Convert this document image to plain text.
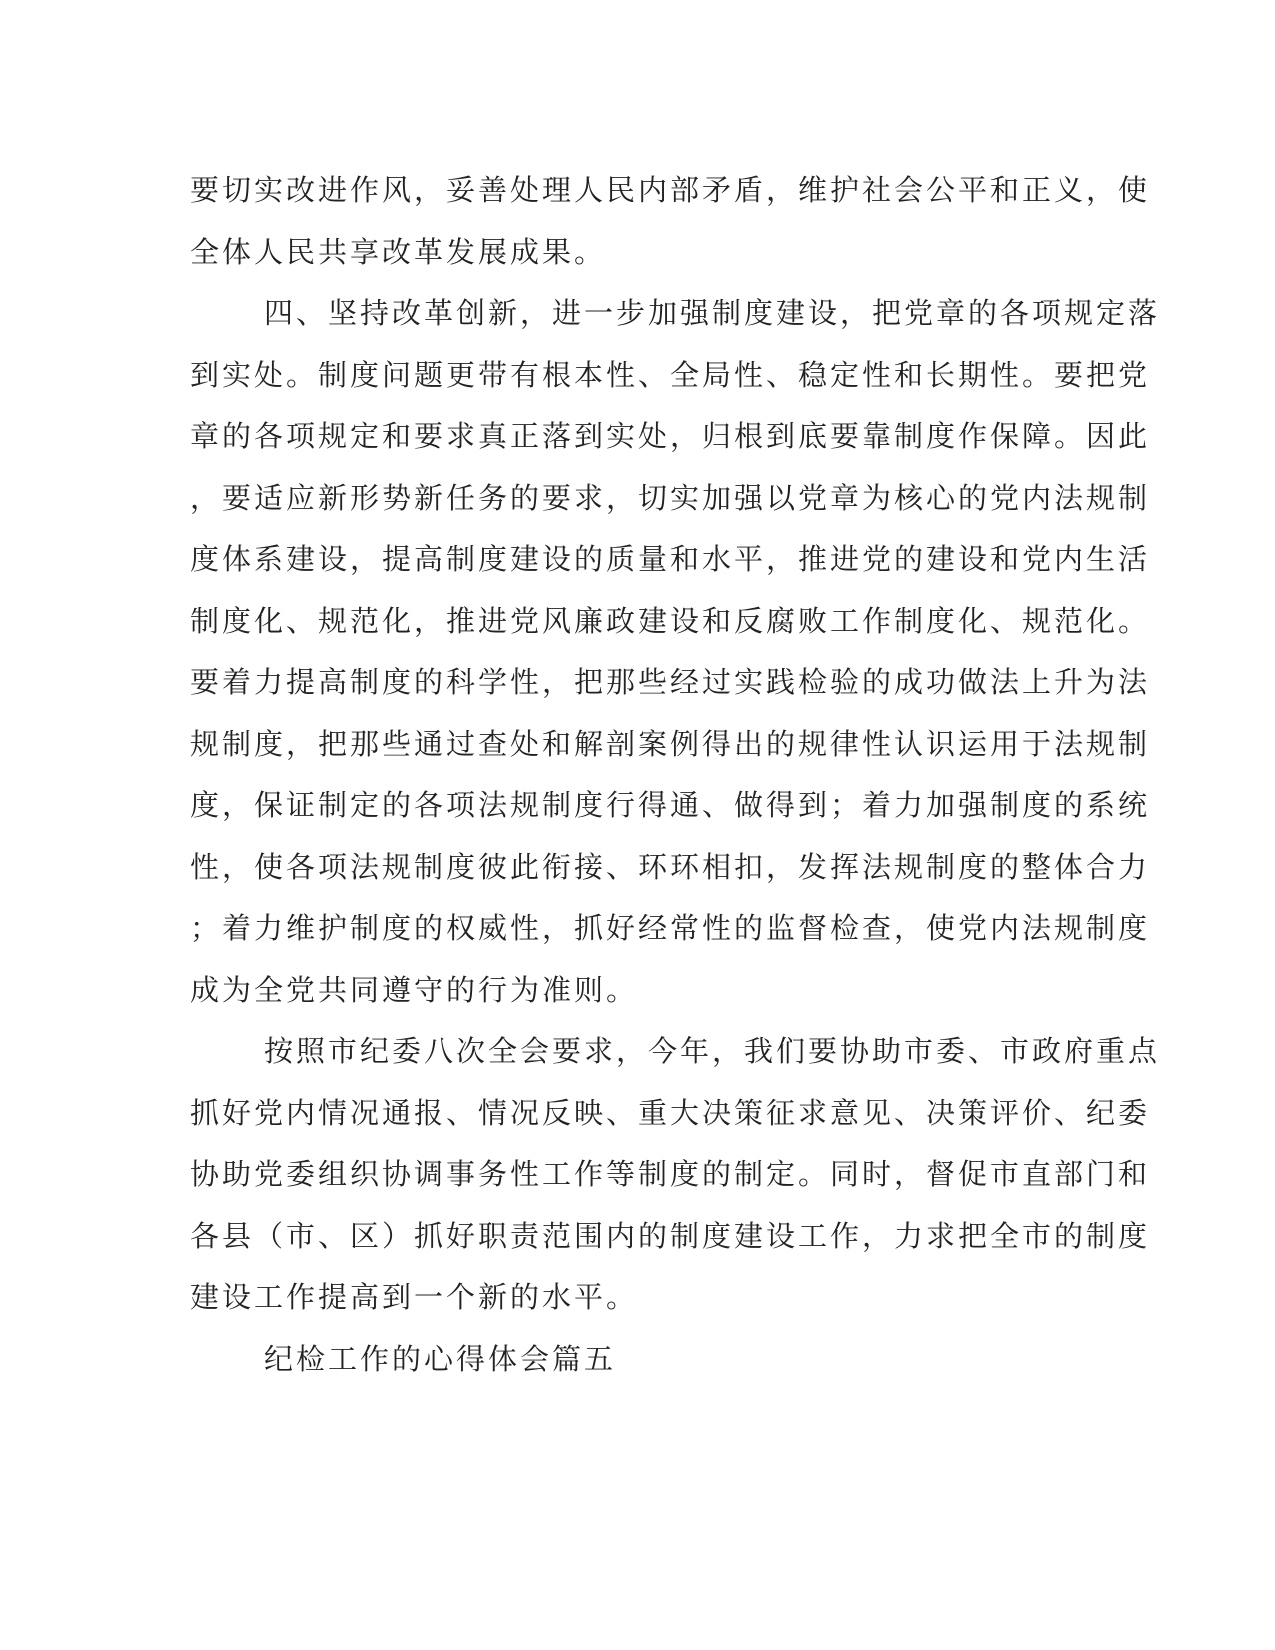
要切实改进作风，妥善处理人民内部矛盾，维护社会公平和正义，使
全体人民共享改革发展成果。
四、坚持改革创新，进一步加强制度建设，把党章的各项规定落
到实处。制度问题更带有根本性、全局性、稳定性和长期性。要把党
章的各项规定和要求真正落到实处，归根到底要靠制度作保障。因此
，要适应新形势新任务的要求，切实加强以党章为核心的党内法规制
度体系建设，提高制度建设的质量和水平，推进党的建设和党内生活
制度化、规范化，推进党风廉政建设和反腐败工作制度化、规范化。
要着力提高制度的科学性，把那些经过实践检验的成功做法上升为法
规制度，把那些通过查处和解剖案例得出的规律性认识运用于法规制
度，保证制定的各项法规制度行得通、做得到；着力加强制度的系统
性，使各项法规制度彼此衔接、环环相扣，发挥法规制度的整体合力
；着力维护制度的权威性，抓好经常性的监督检查，使党内法规制度
成为全党共同遵守的行为准则。
按照市纪委八次全会要求，今年，我们要协助市委、市政府重点
抓好党内情况通报、情况反映、重大决策征求意见、决策评价、纪委
协助党委组织协调事务性工作等制度的制定。同时，督促市直部门和
各县（市、区）抓好职责范围内的制度建设工作，力求把全市的制度
建设工作提高到一个新的水平。
纪检工作的心得体会篇五
